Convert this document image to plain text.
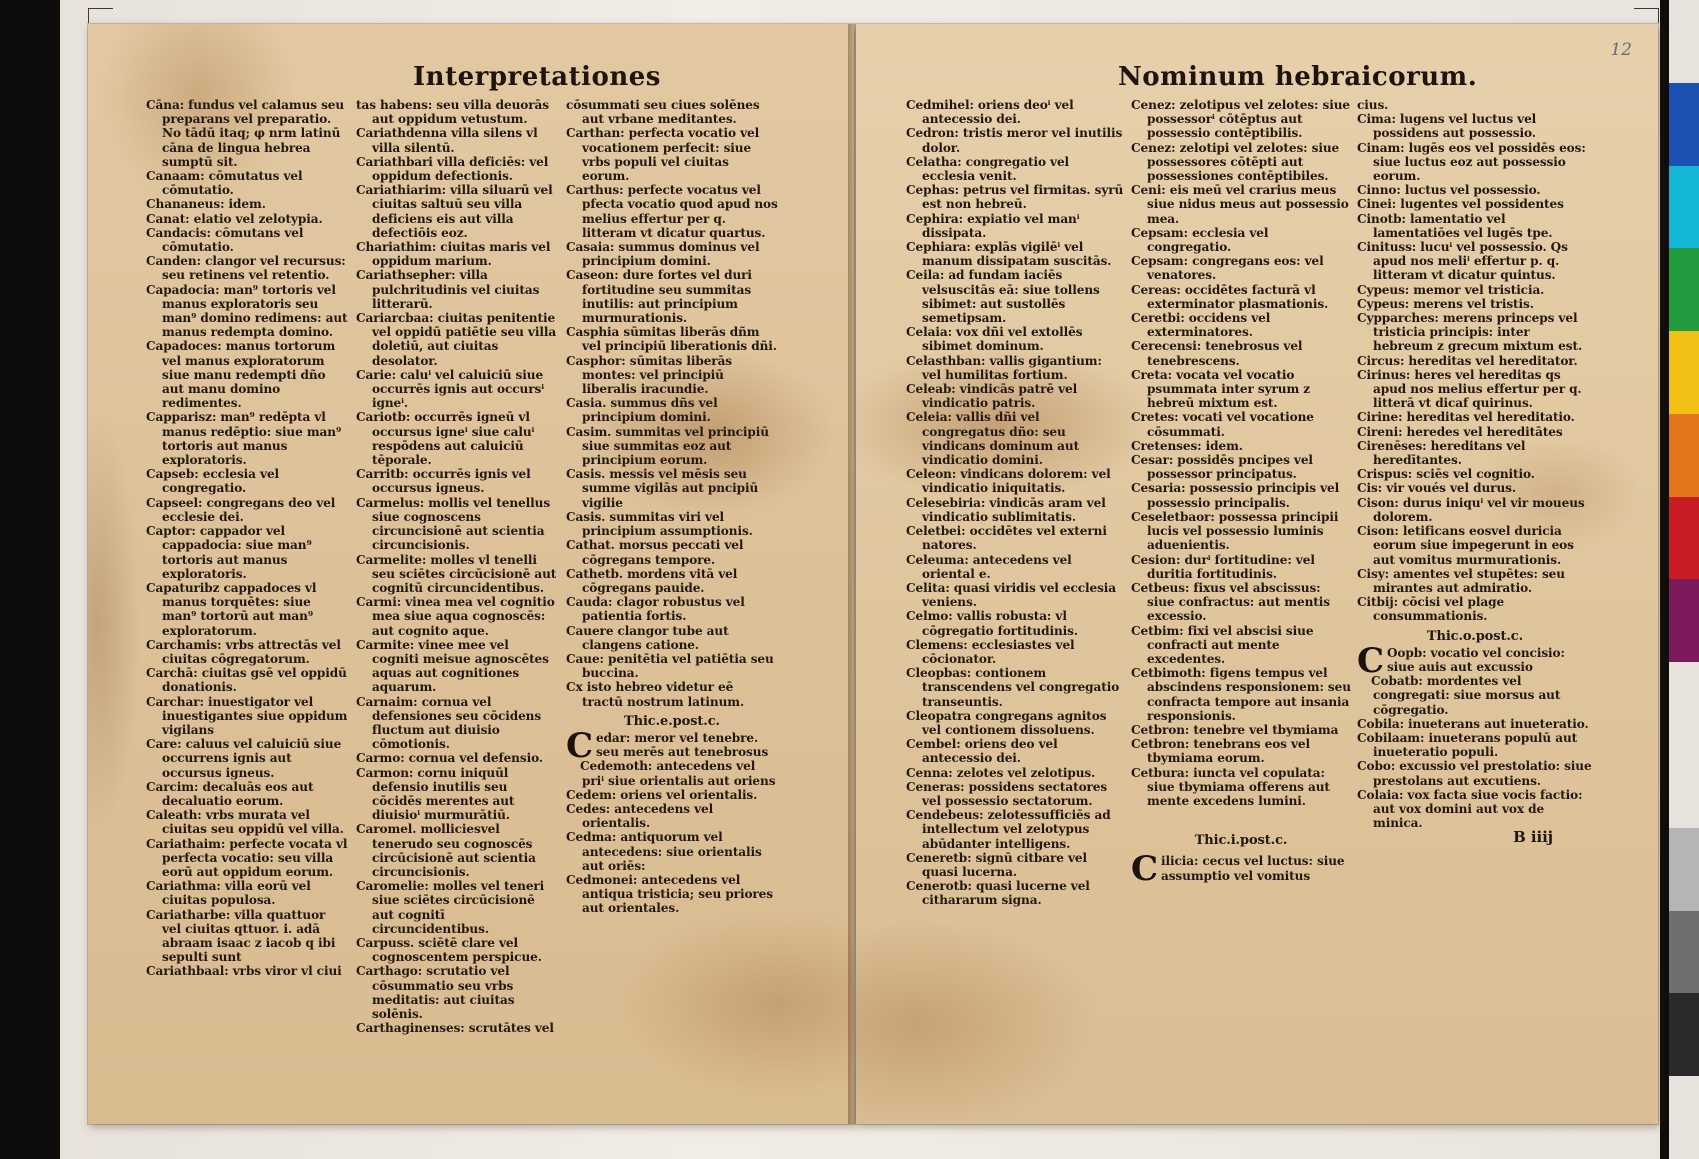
Interpretationes

Cāna: fundus vel calamus seu preparans vel preparatio. No tādū itaq; φ nrm latinū cāna de lingua hebrea sumptū sit.

Canaam: cōmutatus vel cōmutatio.

Chananeus: idem.

Canat: elatio vel zelotypia.

Candacis: cōmutans vel cōmutatio.

Canden: clangor vel recursus: seu retinens vel retentio.

Capadocia: man⁹ tortoris vel manus exploratoris seu man⁹ domino redimens: aut manus redempta domino.

Capadoces: manus tortorum vel manus exploratorum siue manu redempti dño aut manu domino redimentes.

Capparisz: man⁹ redēpta vl manus redēptio: siue man⁹ tortoris aut manus exploratoris.

Capseb: ecclesia vel congregatio.

Capseel: congregans deo vel ecclesie dei.

Captor: cappador vel cappadocia: siue man⁹ tortoris aut manus exploratoris.

Capaturibz cappadoces vl manus torquētes: siue man⁹ tortorū aut man⁹ exploratorum.

Carchamis: vrbs attrectās vel ciuitas cōgregatorum.

Carchā: ciuitas gsē vel oppidū donationis.

Carchar: inuestigator vel inuestigantes siue oppidum vigilans

Care: caluus vel caluiciū siue occurrens ignis aut occursus igneus.

Carcim: decaluās eos aut decaluatio eorum.

Caleath: vrbs murata vel ciuitas seu oppidū vel villa.

Cariathaim: perfecte vocata vl perfecta vocatio: seu villa eorū aut oppidum eorum.

Cariathma: villa eorū vel ciuitas populosa.

Cariatharbe: villa quattuor vel ciuitas qttuor. i. adā abraam isaac z iacob q ibi sepulti sunt

Cariathbaal: vrbs viror vl ciui

tas habens: seu villa deuorās aut oppidum vetustum.

Cariathdenna villa silens vl villa silentū.

Cariathbari villa deficiēs: vel oppidum defectionis.

Cariathiarim: villa siluarū vel ciuitas saltuū seu villa deficiens eis aut villa defectiōis eoz.

Chariathim: ciuitas maris vel oppidum marium.

Cariathsepher: villa pulchritudinis vel ciuitas litterarū.

Cariarcbaa: ciuitas penitentie vel oppidū patiētie seu villa doletiū, aut ciuitas desolator.

Carie: caluⁱ vel caluiciū siue occurrēs ignis aut occursⁱ igneⁱ.

Cariotb: occurrēs igneū vl occursus igneⁱ siue caluⁱ respōdens aut caluiciū tēporale.

Carritb: occurrēs ignis vel occursus igneus.

Carmelus: mollis vel tenellus siue cognoscens circuncisionē aut scientia circuncisionis.

Carmelite: molles vl tenelli seu sciētes circūcisionē aut cognitū circuncidentibus.

Carmi: vinea mea vel cognitio mea siue aqua cognoscēs: aut cognito aque.

Carmite: vinee mee vel cogniti meisue agnoscētes aquas aut cognitiones aquarum.

Carnaim: cornua vel defensiones seu cōcidens fluctum aut diuisio cōmotionis.

Carmo: cornua vel defensio.

Carmon: cornu iniquūl defensio inutilis seu cōcidēs merentes aut diuisioⁱ murmurātiū.

Caromel. molliciesvel tenerudo seu cognoscēs circūcisionē aut scientia circuncisionis.

Caromelie: molles vel teneri siue sciētes circūcisionē aut cognitī circuncidentibus.

Carpuss. sciētē clare vel cognoscentem perspicue.

Carthago: scrutatio vel cōsummatio seu vrbs meditatis: aut ciuitas solēnis.

Carthaginenses: scrutātes vel

cōsummati seu ciues solēnes aut vrbane meditantes.

Carthan: perfecta vocatio vel vocationem perfecit: siue vrbs populi vel ciuitas eorum.

Carthus: perfecte vocatus vel pfecta vocatio quod apud nos melius effertur per q. litteram vt dicatur quartus.

Casaia: summus dominus vel principium domini.

Caseon: dure fortes vel duri fortitudine seu summitas inutilis: aut principium murmurationis.

Casphia sūmitas liberās dñm vel principiū liberationis dñi.

Casphor: sūmitas liberās montes: vel principiū liberalis iracundie.

Casia. summus dñs vel principium domini.

Casim. summitas vel principiū siue summitas eoz aut principium eorum.

Casis. messis vel mēsis seu summe vigilās aut pncipiū vigilie

Casis. summitas viri vel principium assumptionis.

Cathat. morsus peccati vel cōgregans tempore.

Cathetb. mordens vitā vel cōgregans pauide.

Cauda: clagor robustus vel patientia fortis.

Cauere clangor tube aut clangens catione.

Caue: penitētia vel patiētia seu buccina.

Cx isto hebreo videtur eē tractū nostrum latinum.

Thic.e.post.c.

Cedar: meror vel tenebre. seu merēs aut tenebrosus

Cedemoth: antecedens vel priⁱ siue orientalis aut oriens

Cedem: oriens vel orientalis.

Cedes: antecedens vel orientalis.

Cedma: antiquorum vel antecedens: siue orientalis aut oriēs:

Cedmonei: antecedens vel antiqua tristicia; seu priores aut orientales.

12
Nominum hebraicorum.

Cedmihel: oriens deoⁱ vel antecessio dei.

Cedron: tristis meror vel inutilis dolor.

Celatha: congregatio vel ecclesia venit.

Cephas: petrus vel firmitas. syrū est non hebreū.

Cephira: expiatio vel manⁱ dissipata.

Cephiara: explās vigilēⁱ vel manum dissipatam suscitās.

Ceila: ad fundam iaciēs velsuscitās eā: siue tollens sibimet: aut sustollēs semetipsam.

Celaia: vox dñi vel extollēs sibimet dominum.

Celasthban: vallis gigantium: vel humilitas fortium.

Celeab: vindicās patrē vel vindicatio patris.

Celeia: vallis dñi vel congregatus dño: seu vindicans dominum aut vindicatio domini.

Celeon: vindicans dolorem: vel vindicatio iniquitatis.

Celesebiria: vindicās aram vel vindicatio sublimitatis.

Celetbei: occidētes vel externi natores.

Celeuma: antecedens vel oriental e.

Celita: quasi viridis vel ecclesia veniens.

Celmo: vallis robusta: vl cōgregatio fortitudinis.

Clemens: ecclesiastes vel cōcionator.

Cleopbas: contionem transcendens vel congregatio transeuntis.

Cleopatra congregans agnitos vel contionem dissoluens.

Cembel: oriens deo vel antecessio dei.

Cenna: zelotes vel zelotipus.

Ceneras: possidens sectatores vel possessio sectatorum.

Cendebeus: zelotessufficiēs ad intellectum vel zelotypus abūdanter intelligens.

Ceneretb: signū citbare vel quasi lucerna.

Cenerotb: quasi lucerne vel cithararum signa.

Cenez: zelotipus vel zelotes: siue possessorⁱ cōtēptus aut possessio contēptibilis.

Cenez: zelotipi vel zelotes: siue possessores cōtēpti aut possessiones contēptibiles.

Ceni: eis meū vel crarius meus siue nidus meus aut possessio mea.

Cepsam: ecclesia vel congregatio.

Cepsam: congregans eos: vel venatores.

Cereas: occidētes facturā vl exterminator plasmationis.

Ceretbi: occidens vel exterminatores.

Cerecensi: tenebrosus vel tenebrescens.

Creta: vocata vel vocatio psummata inter syrum z hebreū mixtum est.

Cretes: vocati vel vocatione cōsummati.

Cretenses: idem.

Cesar: possidēs pncipes vel possessor principatus.

Cesaria: possessio principis vel possessio principalis.

Ceseletbaor: possessa principii lucis vel possessio luminis aduenientis.

Cesion: durⁱ fortitudine: vel duritia fortitudinis.

Cetbeus: fixus vel abscissus: siue confractus: aut mentis excessio.

Cetbim: fixi vel abscisi siue confracti aut mente excedentes.

Cetbimoth: figens tempus vel abscindens responsionem: seu confracta tempore aut insania responsionis.

Cetbron: tenebre vel tbymiama

Cetbron: tenebrans eos vel tbymiama eorum.

Cetbura: iuncta vel copulata: siue tbymiama offerens aut mente excedens lumini.

Thic.i.post.c.

Cilicia: cecus vel luctus: siue assumptio vel vomitus

cius.

Cima: lugens vel luctus vel possidens aut possessio.

Cinam: lugēs eos vel possidēs eos: siue luctus eoz aut possessio eorum.

Cinno: luctus vel possessio.

Cinei: lugentes vel possidentes

Cinotb: lamentatio vel lamentatiōes vel lugēs tpe.

Cinituss: lucuⁱ vel possessio. Qs apud nos meliⁱ effertur p. q. litteram vt dicatur quintus.

Cypeus: memor vel tristicia.

Cypeus: merens vel tristis.

Cypparches: merens princeps vel tristicia principis: inter hebreum z grecum mixtum est.

Circus: hereditas vel hereditator.

Cirinus: heres vel hereditas qs apud nos melius effertur per q. litterā vt dicaf quirinus.

Cirine: hereditas vel hereditatio.

Cireni: heredes vel hereditātes

Cirenēses: hereditans vel heredītantes.

Crispus: sciēs vel cognitio.

Cis: vir voués vel durus.

Cison: durus iniquⁱ vel vir moueus dolorem.

Cison: letificans eosvel duricia eorum siue impegerunt in eos aut vomitus murmurationis.

Cisy: amentes vel stupētes: seu mirantes aut admiratio.

Citbij: cōcisi vel plage consummationis.

Thic.o.post.c.

C Oopb: vocatio vel concisio: siue auis aut excussio

Cobatb: mordentes vel congregati: siue morsus aut cōgregatio.

Cobila: inueterans aut inueteratio.

Cobilaam: inueterans populū aut inueteratio populi.

Cobo: excussio vel prestolatio: siue prestolans aut excutiens.

Colaia: vox facta siue vocis factio: aut vox domini aut vox de minica.

B iiij
